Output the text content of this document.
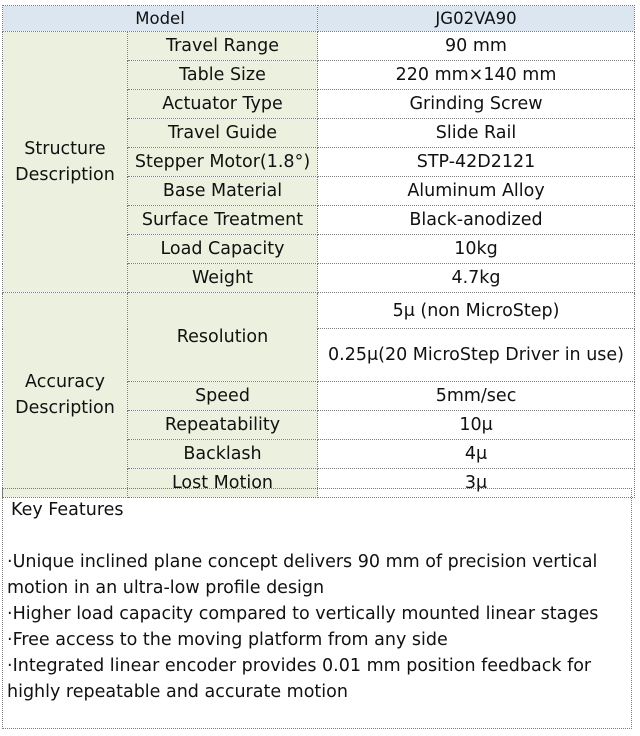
Model		JG02VA90
Structure Description	Travel Range	90 mm
	Table Size	220 mm×140 mm
	Actuator Type	Grinding Screw
	Travel Guide	Slide Rail
	Stepper Motor(1.8°)	STP-42D2121
	Base Material	Aluminum Alloy
	Surface Treatment	Black-anodized
	Load Capacity	10kg
	Weight	4.7kg
Accuracy Description	Resolution	5μ (non MicroStep)
		0.25μ(20 MicroStep Driver in use)
	Speed	5mm/sec
	Repeatability	10μ
	Backlash	4μ
	Lost Motion	3μ
Key Features

·Unique inclined plane concept delivers 90 mm of precision vertical motion in an ultra-low profile design

·Higher load capacity compared to vertically mounted linear stages

·Free access to the moving platform from any side

·Integrated linear encoder provides 0.01 mm position feedback for highly repeatable and accurate motion
